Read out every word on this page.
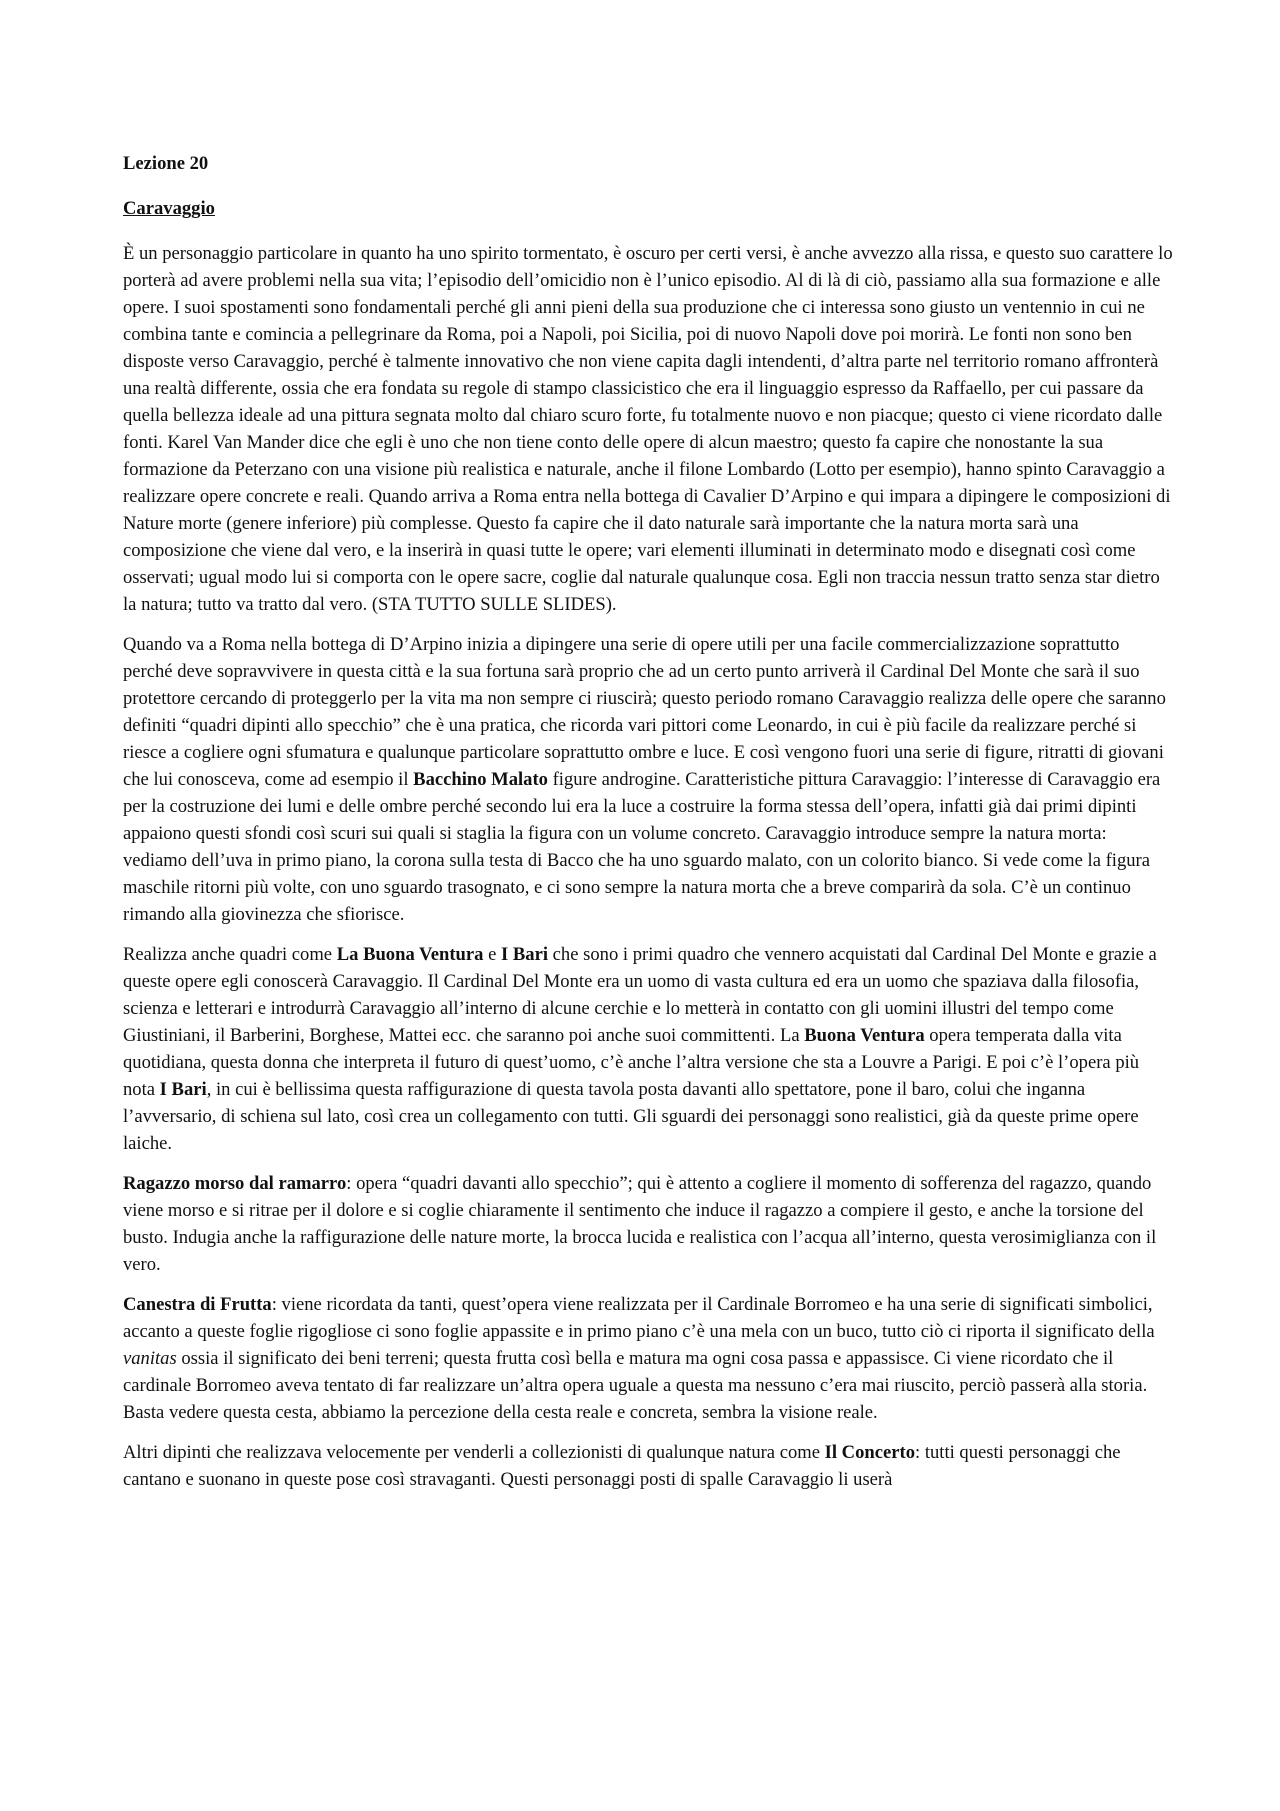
Lezione 20
Caravaggio

È un personaggio particolare in quanto ha uno spirito tormentato, è oscuro per certi versi, è anche avvezzo alla rissa, e questo suo carattere lo porterà ad avere problemi nella sua vita; l’episodio dell’omicidio non è l’unico episodio. Al di là di ciò, passiamo alla sua formazione e alle opere. I suoi spostamenti sono fondamentali perché gli anni pieni della sua produzione che ci interessa sono giusto un ventennio in cui ne combina tante e comincia a pellegrinare da Roma, poi a Napoli, poi Sicilia, poi di nuovo Napoli dove poi morirà. Le fonti non sono ben disposte verso Caravaggio, perché è talmente innovativo che non viene capita dagli intendenti, d’altra parte nel territorio romano affronterà una realtà differente, ossia che era fondata su regole di stampo classicistico che era il linguaggio espresso da Raffaello, per cui passare da quella bellezza ideale ad una pittura segnata molto dal chiaro scuro forte, fu totalmente nuovo e non piacque; questo ci viene ricordato dalle fonti. Karel Van Mander dice che egli è uno che non tiene conto delle opere di alcun maestro; questo fa capire che nonostante la sua formazione da Peterzano con una visione più realistica e naturale, anche il filone Lombardo (Lotto per esempio), hanno spinto Caravaggio a realizzare opere concrete e reali. Quando arriva a Roma entra nella bottega di Cavalier D’Arpino e qui impara a dipingere le composizioni di Nature morte (genere inferiore) più complesse. Questo fa capire che il dato naturale sarà importante che la natura morta sarà una composizione che viene dal vero, e la inserirà in quasi tutte le opere; vari elementi illuminati in determinato modo e disegnati così come osservati; ugual modo lui si comporta con le opere sacre, coglie dal naturale qualunque cosa. Egli non traccia nessun tratto senza star dietro la natura; tutto va tratto dal vero. (STA TUTTO SULLE SLIDES).

Quando va a Roma nella bottega di D’Arpino inizia a dipingere una serie di opere utili per una facile commercializzazione soprattutto perché deve sopravvivere in questa città e la sua fortuna sarà proprio che ad un certo punto arriverà il Cardinal Del Monte che sarà il suo protettore cercando di proteggerlo per la vita ma non sempre ci riuscirà; questo periodo romano Caravaggio realizza delle opere che saranno definiti “quadri dipinti allo specchio” che è una pratica, che ricorda vari pittori come Leonardo, in cui è più facile da realizzare perché si riesce a cogliere ogni sfumatura e qualunque particolare soprattutto ombre e luce. E così vengono fuori una serie di figure, ritratti di giovani che lui conosceva, come ad esempio il Bacchino Malato figure androgine. Caratteristiche pittura Caravaggio: l’interesse di Caravaggio era per la costruzione dei lumi e delle ombre perché secondo lui era la luce a costruire la forma stessa dell’opera, infatti già dai primi dipinti appaiono questi sfondi così scuri sui quali si staglia la figura con un volume concreto. Caravaggio introduce sempre la natura morta: vediamo dell’uva in primo piano, la corona sulla testa di Bacco che ha uno sguardo malato, con un colorito bianco. Si vede come la figura maschile ritorni più volte, con uno sguardo trasognato, e ci sono sempre la natura morta che a breve comparirà da sola. C’è un continuo rimando alla giovinezza che sfiorisce.

Realizza anche quadri come La Buona Ventura e I Bari che sono i primi quadro che vennero acquistati dal Cardinal Del Monte e grazie a queste opere egli conoscerà Caravaggio. Il Cardinal Del Monte era un uomo di vasta cultura ed era un uomo che spaziava dalla filosofia, scienza e letterari e introdurrà Caravaggio all’interno di alcune cerchie e lo metterà in contatto con gli uomini illustri del tempo come Giustiniani, il Barberini, Borghese, Mattei ecc. che saranno poi anche suoi committenti. La Buona Ventura opera temperata dalla vita quotidiana, questa donna che interpreta il futuro di quest’uomo, c’è anche l’altra versione che sta a Louvre a Parigi. E poi c’è l’opera più nota I Bari, in cui è bellissima questa raffigurazione di questa tavola posta davanti allo spettatore, pone il baro, colui che inganna l’avversario, di schiena sul lato, così crea un collegamento con tutti. Gli sguardi dei personaggi sono realistici, già da queste prime opere laiche.

Ragazzo morso dal ramarro: opera “quadri davanti allo specchio”; qui è attento a cogliere il momento di sofferenza del ragazzo, quando viene morso e si ritrae per il dolore e si coglie chiaramente il sentimento che induce il ragazzo a compiere il gesto, e anche la torsione del busto. Indugia anche la raffigurazione delle nature morte, la brocca lucida e realistica con l’acqua all’interno, questa verosimiglianza con il vero.

Canestra di Frutta: viene ricordata da tanti, quest’opera viene realizzata per il Cardinale Borromeo e ha una serie di significati simbolici, accanto a queste foglie rigogliose ci sono foglie appassite e in primo piano c’è una mela con un buco, tutto ciò ci riporta il significato della vanitas ossia il significato dei beni terreni; questa frutta così bella e matura ma ogni cosa passa e appassisce. Ci viene ricordato che il cardinale Borromeo aveva tentato di far realizzare un’altra opera uguale a questa ma nessuno c’era mai riuscito, perciò passerà alla storia. Basta vedere questa cesta, abbiamo la percezione della cesta reale e concreta, sembra la visione reale.

Altri dipinti che realizzava velocemente per venderli a collezionisti di qualunque natura come Il Concerto: tutti questi personaggi che cantano e suonano in queste pose così stravaganti. Questi personaggi posti di spalle Caravaggio li userà
